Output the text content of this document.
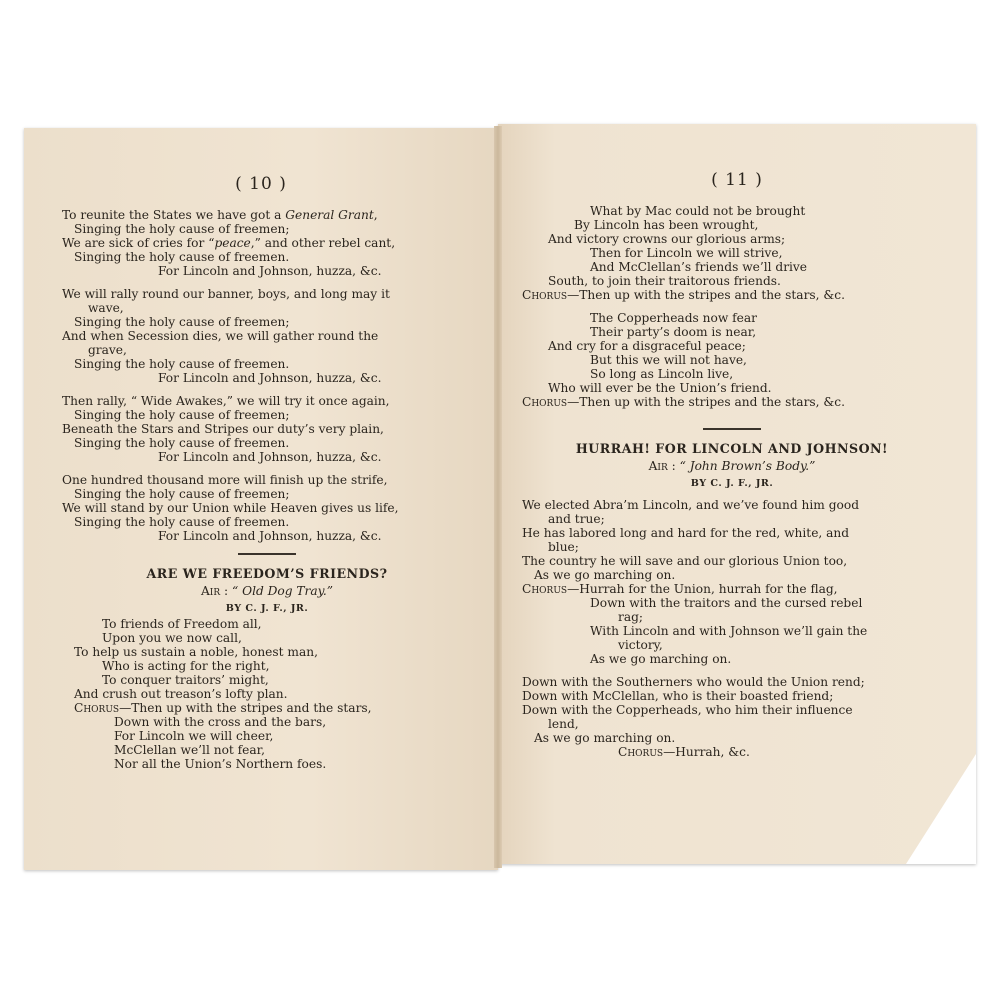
( 10 )
To reunite the States we have got a General Grant,
Singing the holy cause of freemen;
We are sick of cries for “peace,” and other rebel cant,
Singing the holy cause of freemen.
For Lincoln and Johnson, huzza, &c.
We will rally round our banner, boys, and long may it
wave,
Singing the holy cause of freemen;
And when Secession dies, we will gather round the
grave,
Singing the holy cause of freemen.
For Lincoln and Johnson, huzza, &c.
Then rally, “ Wide Awakes,” we will try it once again,
Singing the holy cause of freemen;
Beneath the Stars and Stripes our duty’s very plain,
Singing the holy cause of freemen.
For Lincoln and Johnson, huzza, &c.
One hundred thousand more will finish up the strife,
Singing the holy cause of freemen;
We will stand by our Union while Heaven gives us life,
Singing the holy cause of freemen.
For Lincoln and Johnson, huzza, &c.
ARE WE FREEDOM’S FRIENDS?
Air : “ Old Dog Tray.”
BY C. J. F., JR.
To friends of Freedom all,
Upon you we now call,
To help us sustain a noble, honest man,
Who is acting for the right,
To conquer traitors’ might,
And crush out treason’s lofty plan.
Chorus—Then up with the stripes and the stars,
Down with the cross and the bars,
For Lincoln we will cheer,
McClellan we’ll not fear,
Nor all the Union’s Northern foes.
( 11 )
What by Mac could not be brought
By Lincoln has been wrought,
And victory crowns our glorious arms;
Then for Lincoln we will strive,
And McClellan’s friends we’ll drive
South, to join their traitorous friends.
Chorus—Then up with the stripes and the stars, &c.
The Copperheads now fear
Their party’s doom is near,
And cry for a disgraceful peace;
But this we will not have,
So long as Lincoln live,
Who will ever be the Union’s friend.
Chorus—Then up with the stripes and the stars, &c.
HURRAH! FOR LINCOLN AND JOHNSON!
Air : “ John Brown’s Body.”
BY C. J. F., JR.
We elected Abra’m Lincoln, and we’ve found him good
and true;
He has labored long and hard for the red, white, and
blue;
The country he will save and our glorious Union too,
As we go marching on.
Chorus—Hurrah for the Union, hurrah for the flag,
Down with the traitors and the cursed rebel
rag;
With Lincoln and with Johnson we’ll gain the
victory,
As we go marching on.
Down with the Southerners who would the Union rend;
Down with McClellan, who is their boasted friend;
Down with the Copperheads, who him their influence
lend,
As we go marching on.
Chorus—Hurrah, &c.
